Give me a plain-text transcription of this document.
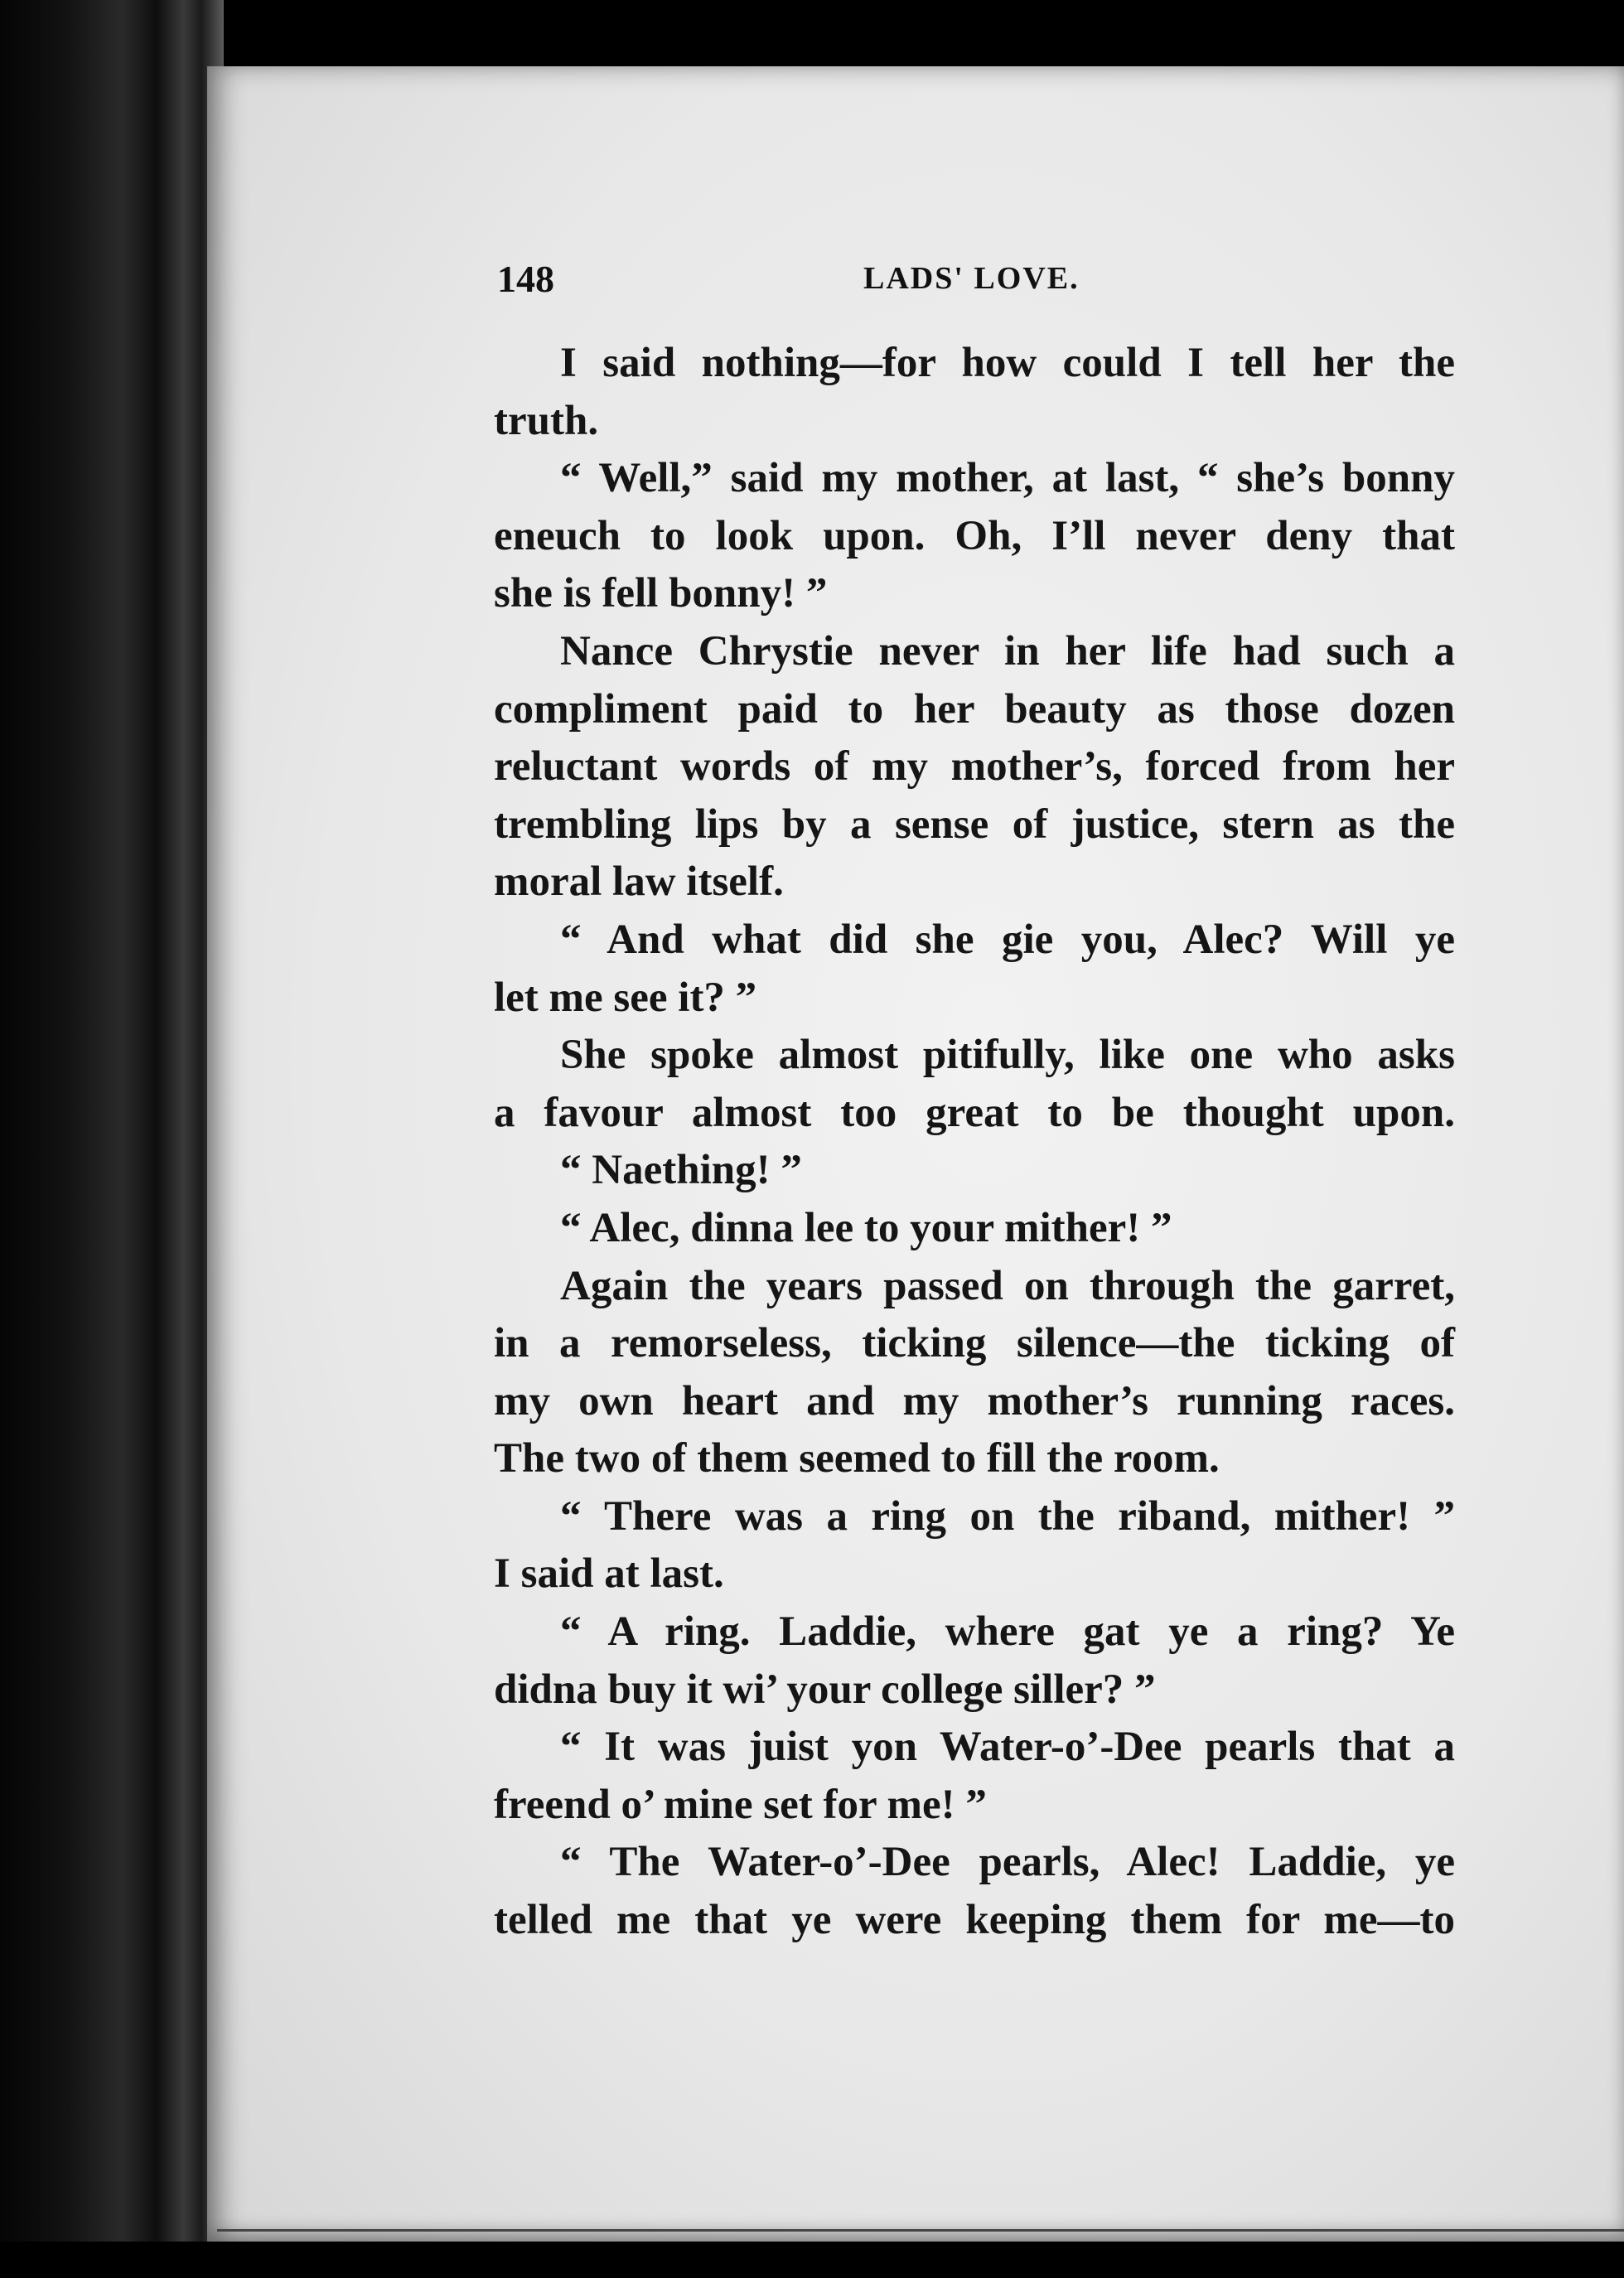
148	LADS' LOVE.
I said nothing—for how could I tell her the
truth.
“ Well,” said my mother, at last, “ she’s bonny
eneuch to look upon. Oh, I’ll never deny that
she is fell bonny! ”
Nance Chrystie never in her life had such a
compliment paid to her beauty as those dozen
reluctant words of my mother’s, forced from her
trembling lips by a sense of justice, stern as the
moral law itself.
“ And what did she gie you, Alec? Will ye
let me see it? ”
She spoke almost pitifully, like one who asks
a favour almost too great to be thought upon.
“ Naething! ”
“ Alec, dinna lee to your mither! ”
Again the years passed on through the garret,
in a remorseless, ticking silence—the ticking of
my own heart and my mother’s running races.
The two of them seemed to fill the room.
“ There was a ring on the riband, mither! ”
I said at last.
“ A ring. Laddie, where gat ye a ring? Ye
didna buy it wi’ your college siller? ”
“ It was juist yon Water-o’-Dee pearls that a
freend o’ mine set for me! ”
“ The Water-o’-Dee pearls, Alec! Laddie, ye
telled me that ye were keeping them for me—to
